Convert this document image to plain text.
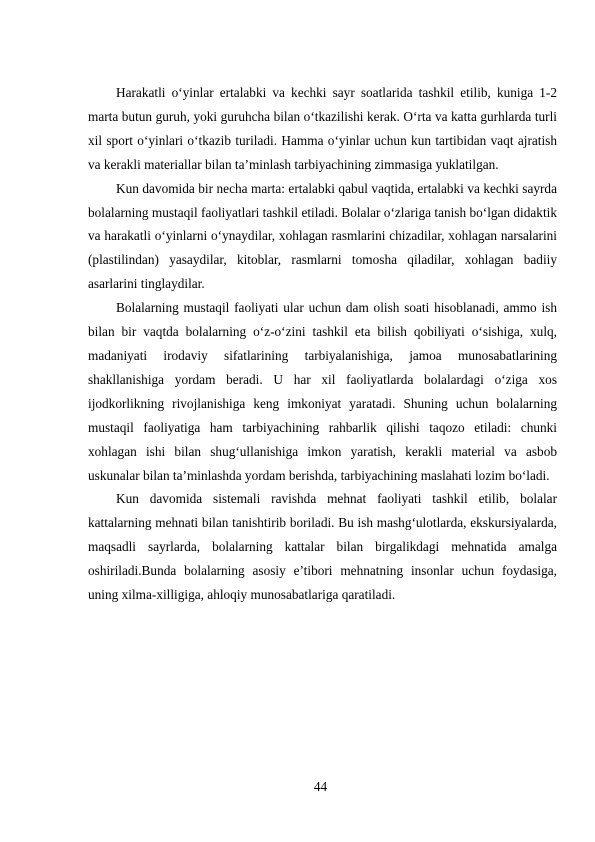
Harakatli o‘yinlar ertalabki va kechki sayr soatlarida tashkil etilib, kuniga 1-2 marta butun guruh, yoki guruhcha bilan o‘tkazilishi kerak. O‘rta va katta gurhlarda turli xil sport o‘yinlari o‘tkazib turiladi. Hamma o‘yinlar uchun kun tartibidan vaqt ajratish va kerakli materiallar bilan ta’minlash tarbiyachining zimmasiga yuklatilgan.

Kun davomida bir necha marta: ertalabki qabul vaqtida, ertalabki va kechki sayrda bolalarning mustaqil faoliyatlari tashkil etiladi. Bolalar o‘zlariga tanish bo‘lgan didaktik va harakatli o‘yinlarni o‘ynaydilar, xohlagan rasmlarini chizadilar, xohlagan narsalarini (plastilindan) yasaydilar, kitoblar, rasmlarni tomosha qiladilar, xohlagan badiiy asarlarini tinglaydilar.

Bolalarning mustaqil faoliyati ular uchun dam olish soati hisoblanadi, ammo ish bilan bir vaqtda bolalarning o‘z-o‘zini tashkil eta bilish qobiliyati o‘sishiga, xulq, madaniyati irodaviy sifatlarining tarbiyalanishiga, jamoa munosabatlarining shakllanishiga yordam beradi. U har xil faoliyatlarda bolalardagi o‘ziga xos ijodkorlikning rivojlanishiga keng imkoniyat yaratadi. Shuning uchun bolalarning mustaqil faoliyatiga ham tarbiyachining rahbarlik qilishi taqozo etiladi: chunki xohlagan ishi bilan shug‘ullanishiga imkon yaratish, kerakli material va asbob uskunalar bilan ta’minlashda yordam berishda, tarbiyachining maslahati lozim bo‘ladi.

Kun davomida sistemali ravishda mehnat faoliyati tashkil etilib, bolalar kattalarning mehnati bilan tanishtirib boriladi. Bu ish mashg‘ulotlarda, ekskursiyalarda, maqsadli sayrlarda, bolalarning kattalar bilan birgalikdagi mehnatida amalga oshiriladi.Bunda bolalarning asosiy e’tibori mehnatning insonlar uchun foydasiga, uning xilma-xilligiga, ahloqiy munosabatlariga qaratiladi.

44
